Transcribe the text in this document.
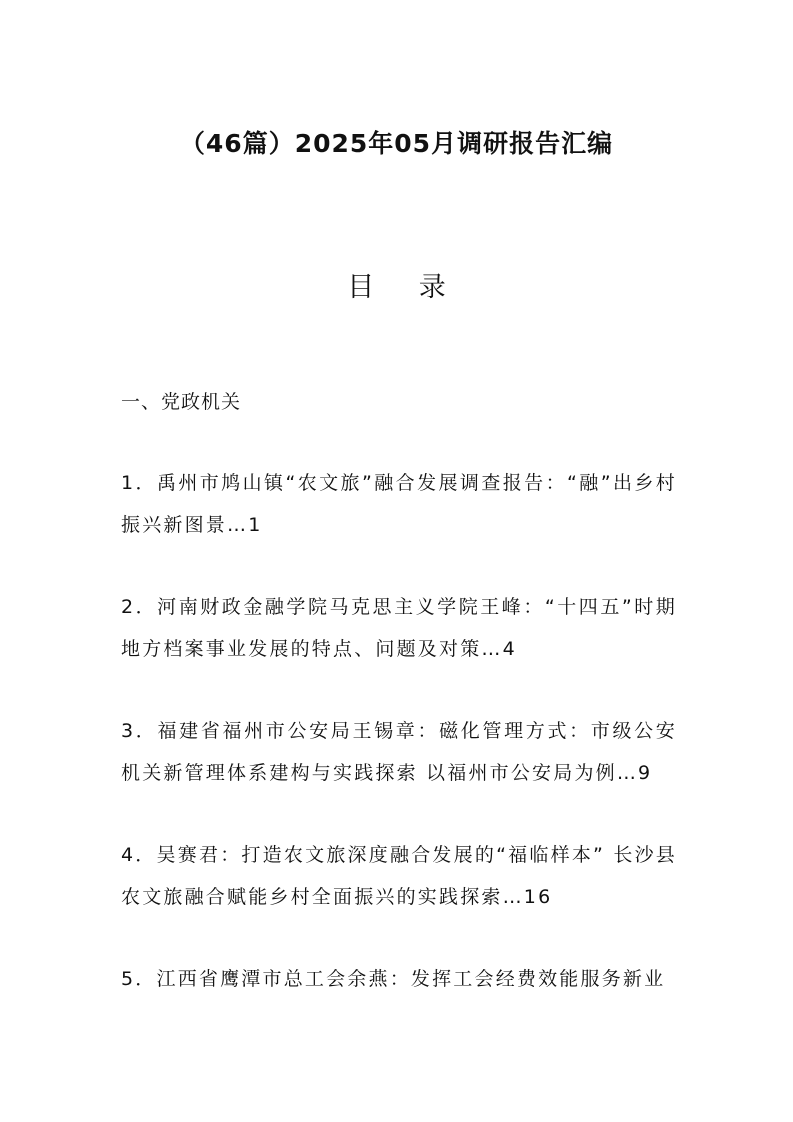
（46篇）2025年05月调研报告汇编
目 录
一、党政机关
1．禹州市鸠山镇“农文旅”融合发展调查报告：“融”出乡村振兴新图景…1
2．河南财政金融学院马克思主义学院王峰：“十四五”时期地方档案事业发展的特点、问题及对策…4
3．福建省福州市公安局王锡章：磁化管理方式：市级公安机关新管理体系建构与实践探索 以福州市公安局为例…9
4．吴赛君：打造农文旅深度融合发展的“福临样本” 长沙县农文旅融合赋能乡村全面振兴的实践探索…16
5．江西省鹰潭市总工会余燕：发挥工会经费效能服务新业
